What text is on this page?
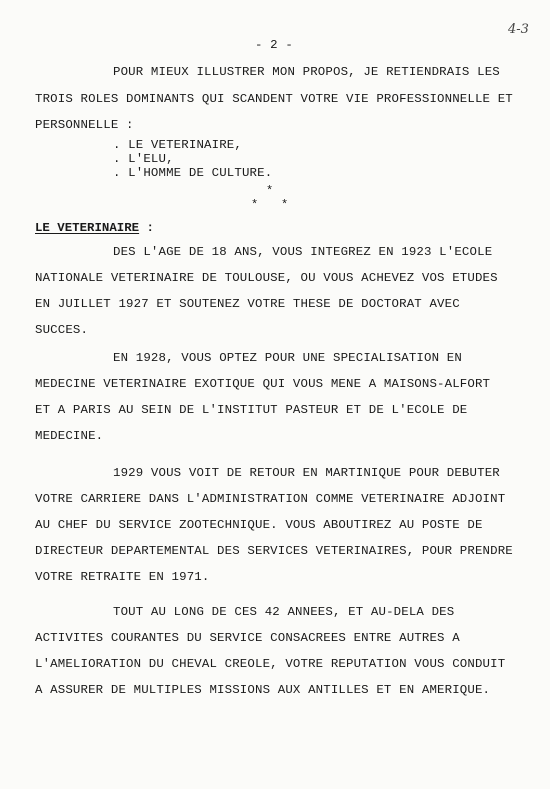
4-3
- 2 -
POUR MIEUX ILLUSTRER MON PROPOS, JE RETIENDRAIS LES
TROIS ROLES DOMINANTS QUI SCANDENT VOTRE VIE PROFESSIONNELLE ET
PERSONNELLE :
. LE VETERINAIRE,
. L'ELU,
. L'HOMME DE CULTURE.
*
* *
LE VETERINAIRE :
DES L'AGE DE 18 ANS, VOUS INTEGREZ EN 1923 L'ECOLE
NATIONALE VETERINAIRE DE TOULOUSE, OU VOUS ACHEVEZ VOS ETUDES
EN JUILLET 1927 ET SOUTENEZ VOTRE THESE DE DOCTORAT AVEC
SUCCES.
EN 1928, VOUS OPTEZ POUR UNE SPECIALISATION EN
MEDECINE VETERINAIRE EXOTIQUE QUI VOUS MENE A MAISONS-ALFORT
ET A PARIS AU SEIN DE L'INSTITUT PASTEUR ET DE L'ECOLE DE
MEDECINE.
1929 VOUS VOIT DE RETOUR EN MARTINIQUE POUR DEBUTER
VOTRE CARRIERE DANS L'ADMINISTRATION COMME VETERINAIRE ADJOINT
AU CHEF DU SERVICE ZOOTECHNIQUE. VOUS ABOUTIREZ AU POSTE DE
DIRECTEUR DEPARTEMENTAL DES SERVICES VETERINAIRES, POUR PRENDRE
VOTRE RETRAITE EN 1971.
TOUT AU LONG DE CES 42 ANNEES, ET AU-DELA DES
ACTIVITES COURANTES DU SERVICE CONSACREES ENTRE AUTRES A
L'AMELIORATION DU CHEVAL CREOLE, VOTRE REPUTATION VOUS CONDUIT
A ASSURER DE MULTIPLES MISSIONS AUX ANTILLES ET EN AMERIQUE.
